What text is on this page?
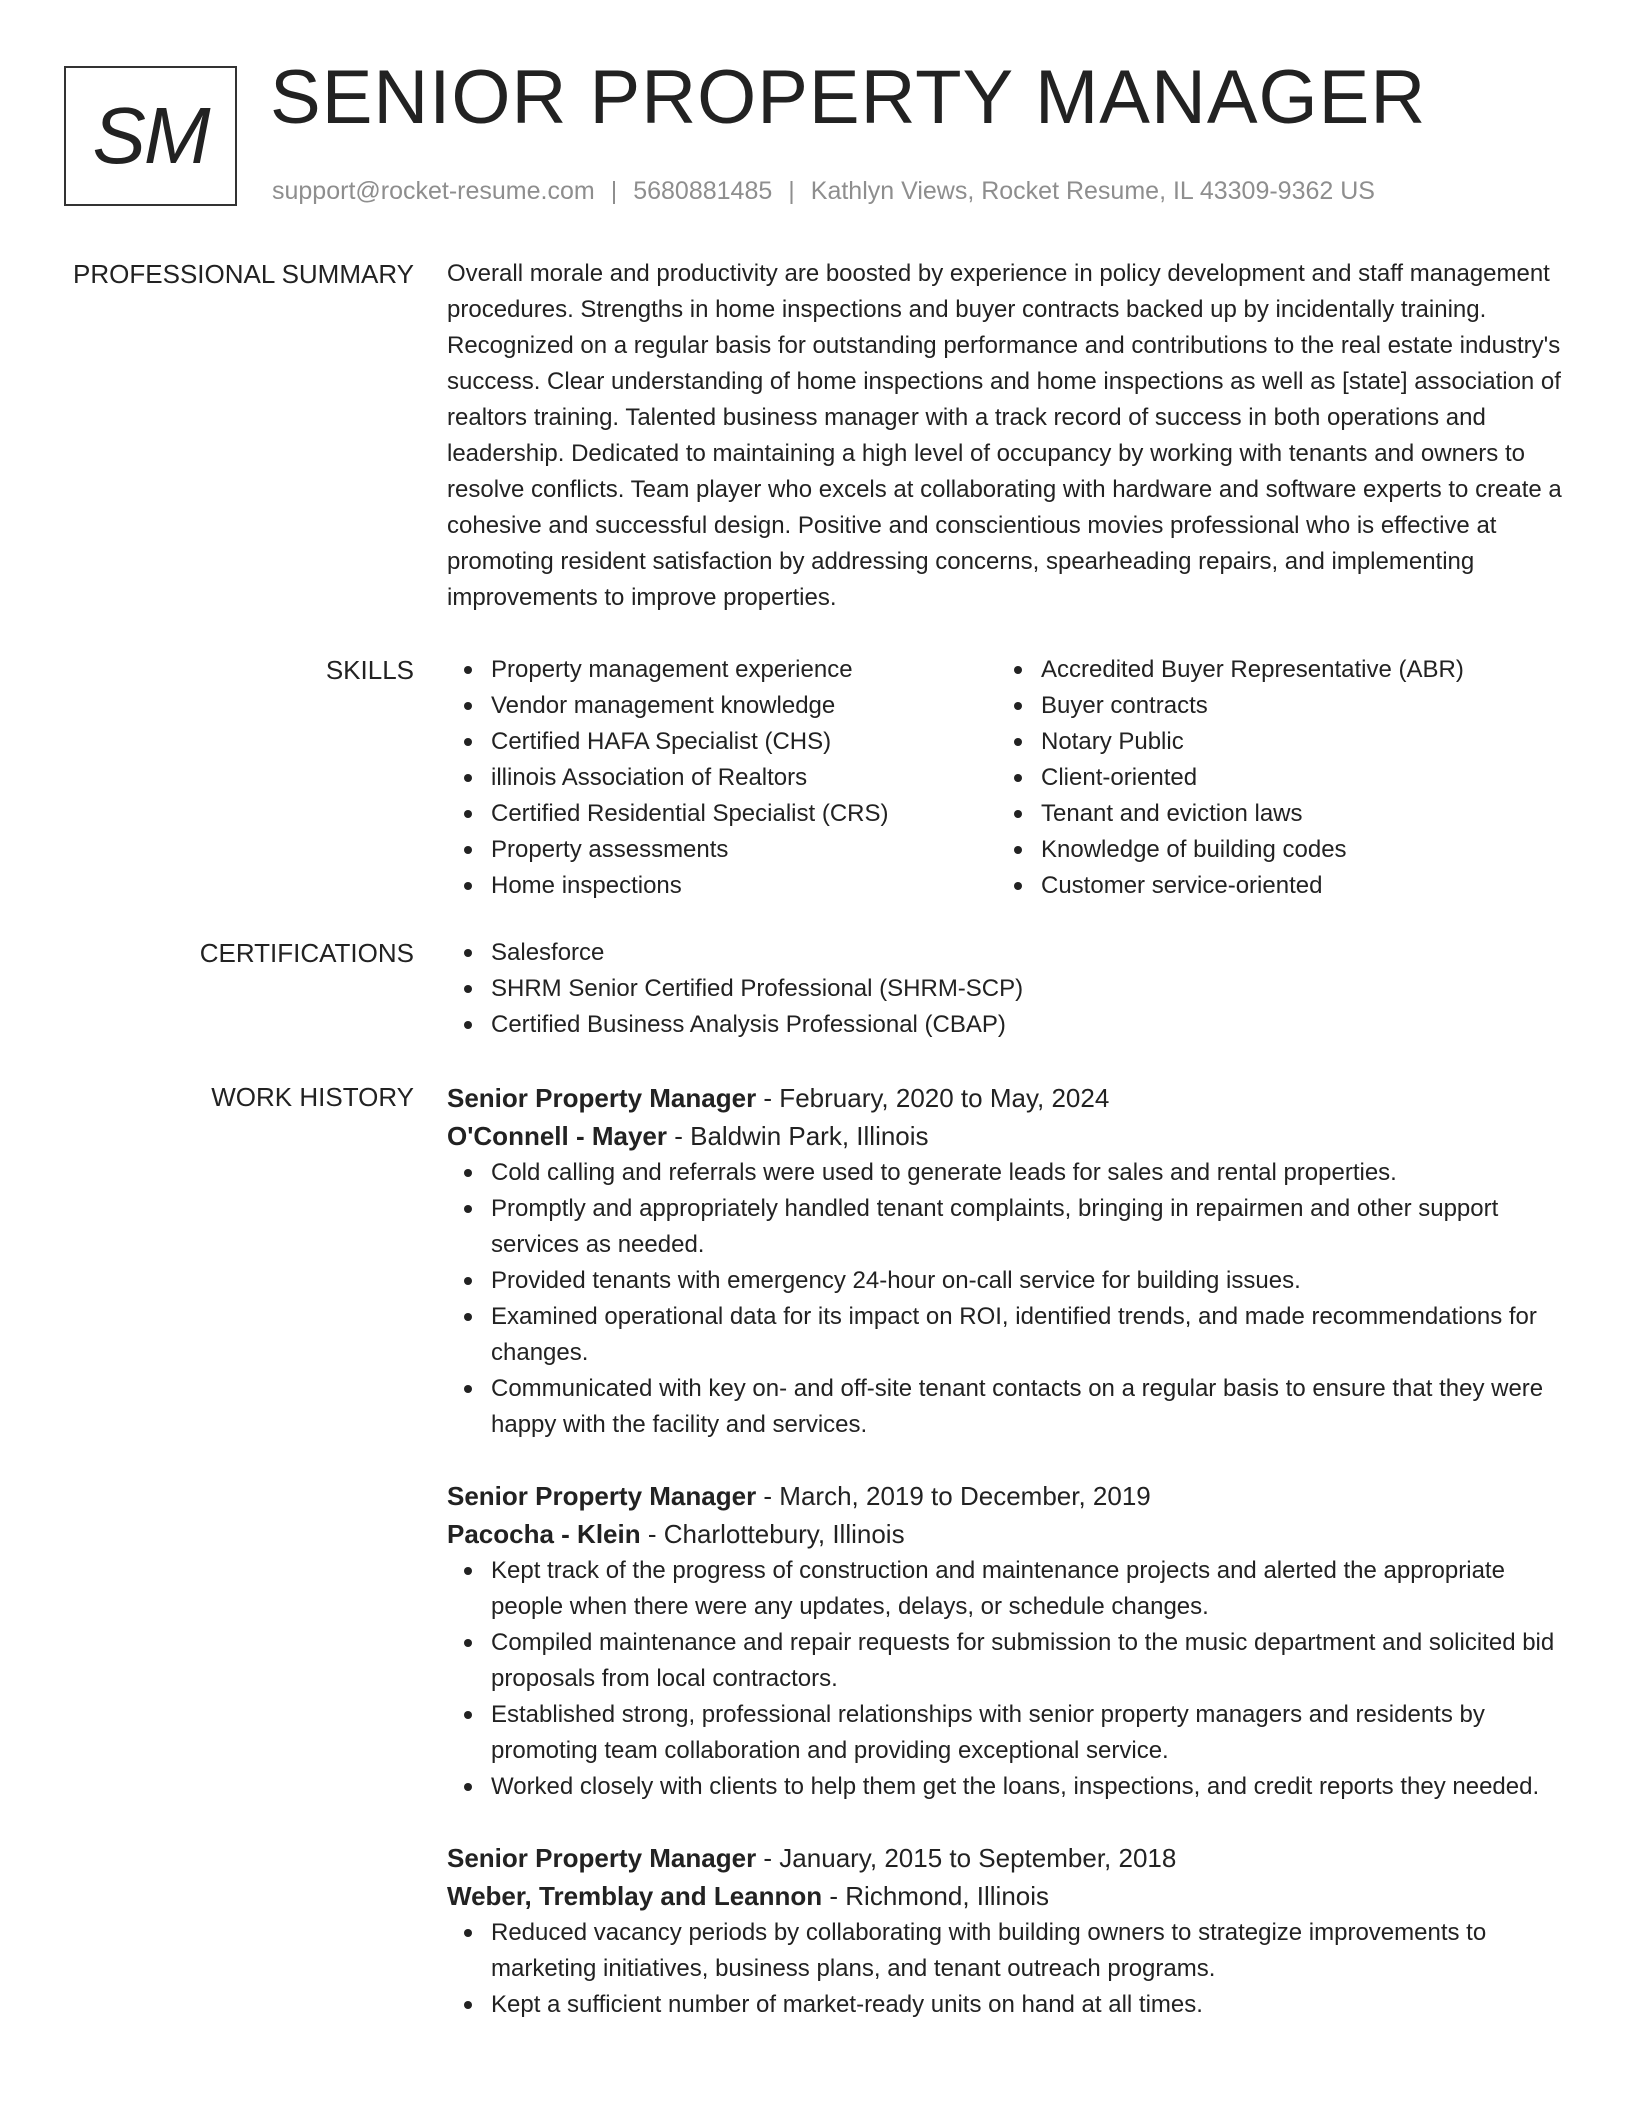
SM SENIOR PROPERTY MANAGER
support@rocket-resume.com | 5680881485 | Kathlyn Views, Rocket Resume, IL 43309-9362 US
PROFESSIONAL SUMMARY Overall morale and productivity are boosted by experience in policy development and staff management procedures. Strengths in home inspections and buyer contracts backed up by incidentally training. Recognized on a regular basis for outstanding performance and contributions to the real estate industry's success. Clear understanding of home inspections and home inspections as well as [state] association of realtors training. Talented business manager with a track record of success in both operations and leadership. Dedicated to maintaining a high level of occupancy by working with tenants and owners to resolve conflicts. Team player who excels at collaborating with hardware and software experts to create a cohesive and successful design. Positive and conscientious movies professional who is effective at promoting resident satisfaction by addressing concerns, spearheading repairs, and implementing improvements to improve properties.

SKILLS	Property management experience
Vendor management knowledge
Certified HAFA Specialist (CHS)
illinois Association of Realtors
Certified Residential Specialist (CRS)
Property assessments
Home inspections
Accredited Buyer Representative (ABR)
Buyer contracts
Notary Public
Client-oriented
Tenant and eviction laws
Knowledge of building codes
Customer service-oriented
CERTIFICATIONS	Salesforce
SHRM Senior Certified Professional (SHRM-SCP)
Certified Business Analysis Professional (CBAP)
WORK HISTORY Senior Property Manager - February, 2020 to May, 2024
O'Connell - Mayer - Baldwin Park, Illinois
Cold calling and referrals were used to generate leads for sales and rental properties.
Promptly and appropriately handled tenant complaints, bringing in repairmen and other support services as needed.
Provided tenants with emergency 24-hour on-call service for building issues.
Examined operational data for its impact on ROI, identified trends, and made recommendations for changes.
Communicated with key on- and off-site tenant contacts on a regular basis to ensure that they were happy with the facility and services.
Senior Property Manager - March, 2019 to December, 2019
Pacocha - Klein - Charlottebury, Illinois
Kept track of the progress of construction and maintenance projects and alerted the appropriate people when there were any updates, delays, or schedule changes.
Compiled maintenance and repair requests for submission to the music department and solicited bid proposals from local contractors.
Established strong, professional relationships with senior property managers and residents by promoting team collaboration and providing exceptional service.
Worked closely with clients to help them get the loans, inspections, and credit reports they needed.
Senior Property Manager - January, 2015 to September, 2018
Weber, Tremblay and Leannon - Richmond, Illinois
Reduced vacancy periods by collaborating with building owners to strategize improvements to marketing initiatives, business plans, and tenant outreach programs.
Kept a sufficient number of market-ready units on hand at all times.
